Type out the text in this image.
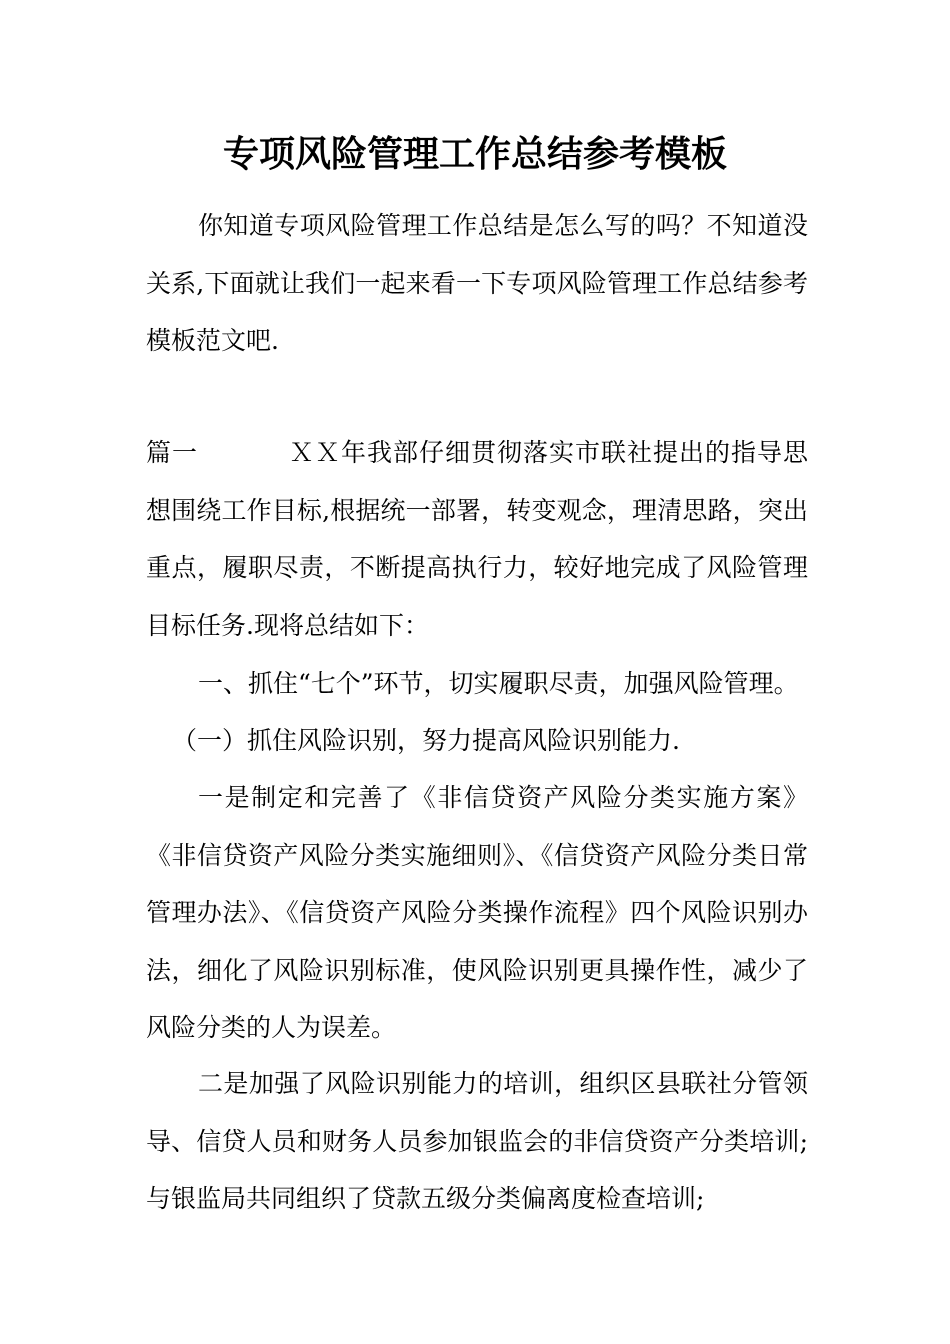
专项风险管理工作总结参考模板

你知道专项风险管理工作总结是怎么写的吗？不知道没关系,下面就让我们一起来看一下专项风险管理工作总结参考模板范文吧.

篇一	ＸＸ年我部仔细贯彻落实市联社提出的指导思想围绕工作目标,根据统一部署，转变观念，理清思路，突出重点，履职尽责，不断提高执行力，较好地完成了风险管理目标任务.现将总结如下：

一、抓住“七个”环节，切实履职尽责，加强风险管理。

（一）抓住风险识别，努力提高风险识别能力.

一是制定和完善了《非信贷资产风险分类实施方案》《非信贷资产风险分类实施细则》、《信贷资产风险分类日常管理办法》、《信贷资产风险分类操作流程》四个风险识别办法，细化了风险识别标准，使风险识别更具操作性，减少了风险分类的人为误差。

二是加强了风险识别能力的培训，组织区县联社分管领导、信贷人员和财务人员参加银监会的非信贷资产分类培训;与银监局共同组织了贷款五级分类偏离度检查培训;
